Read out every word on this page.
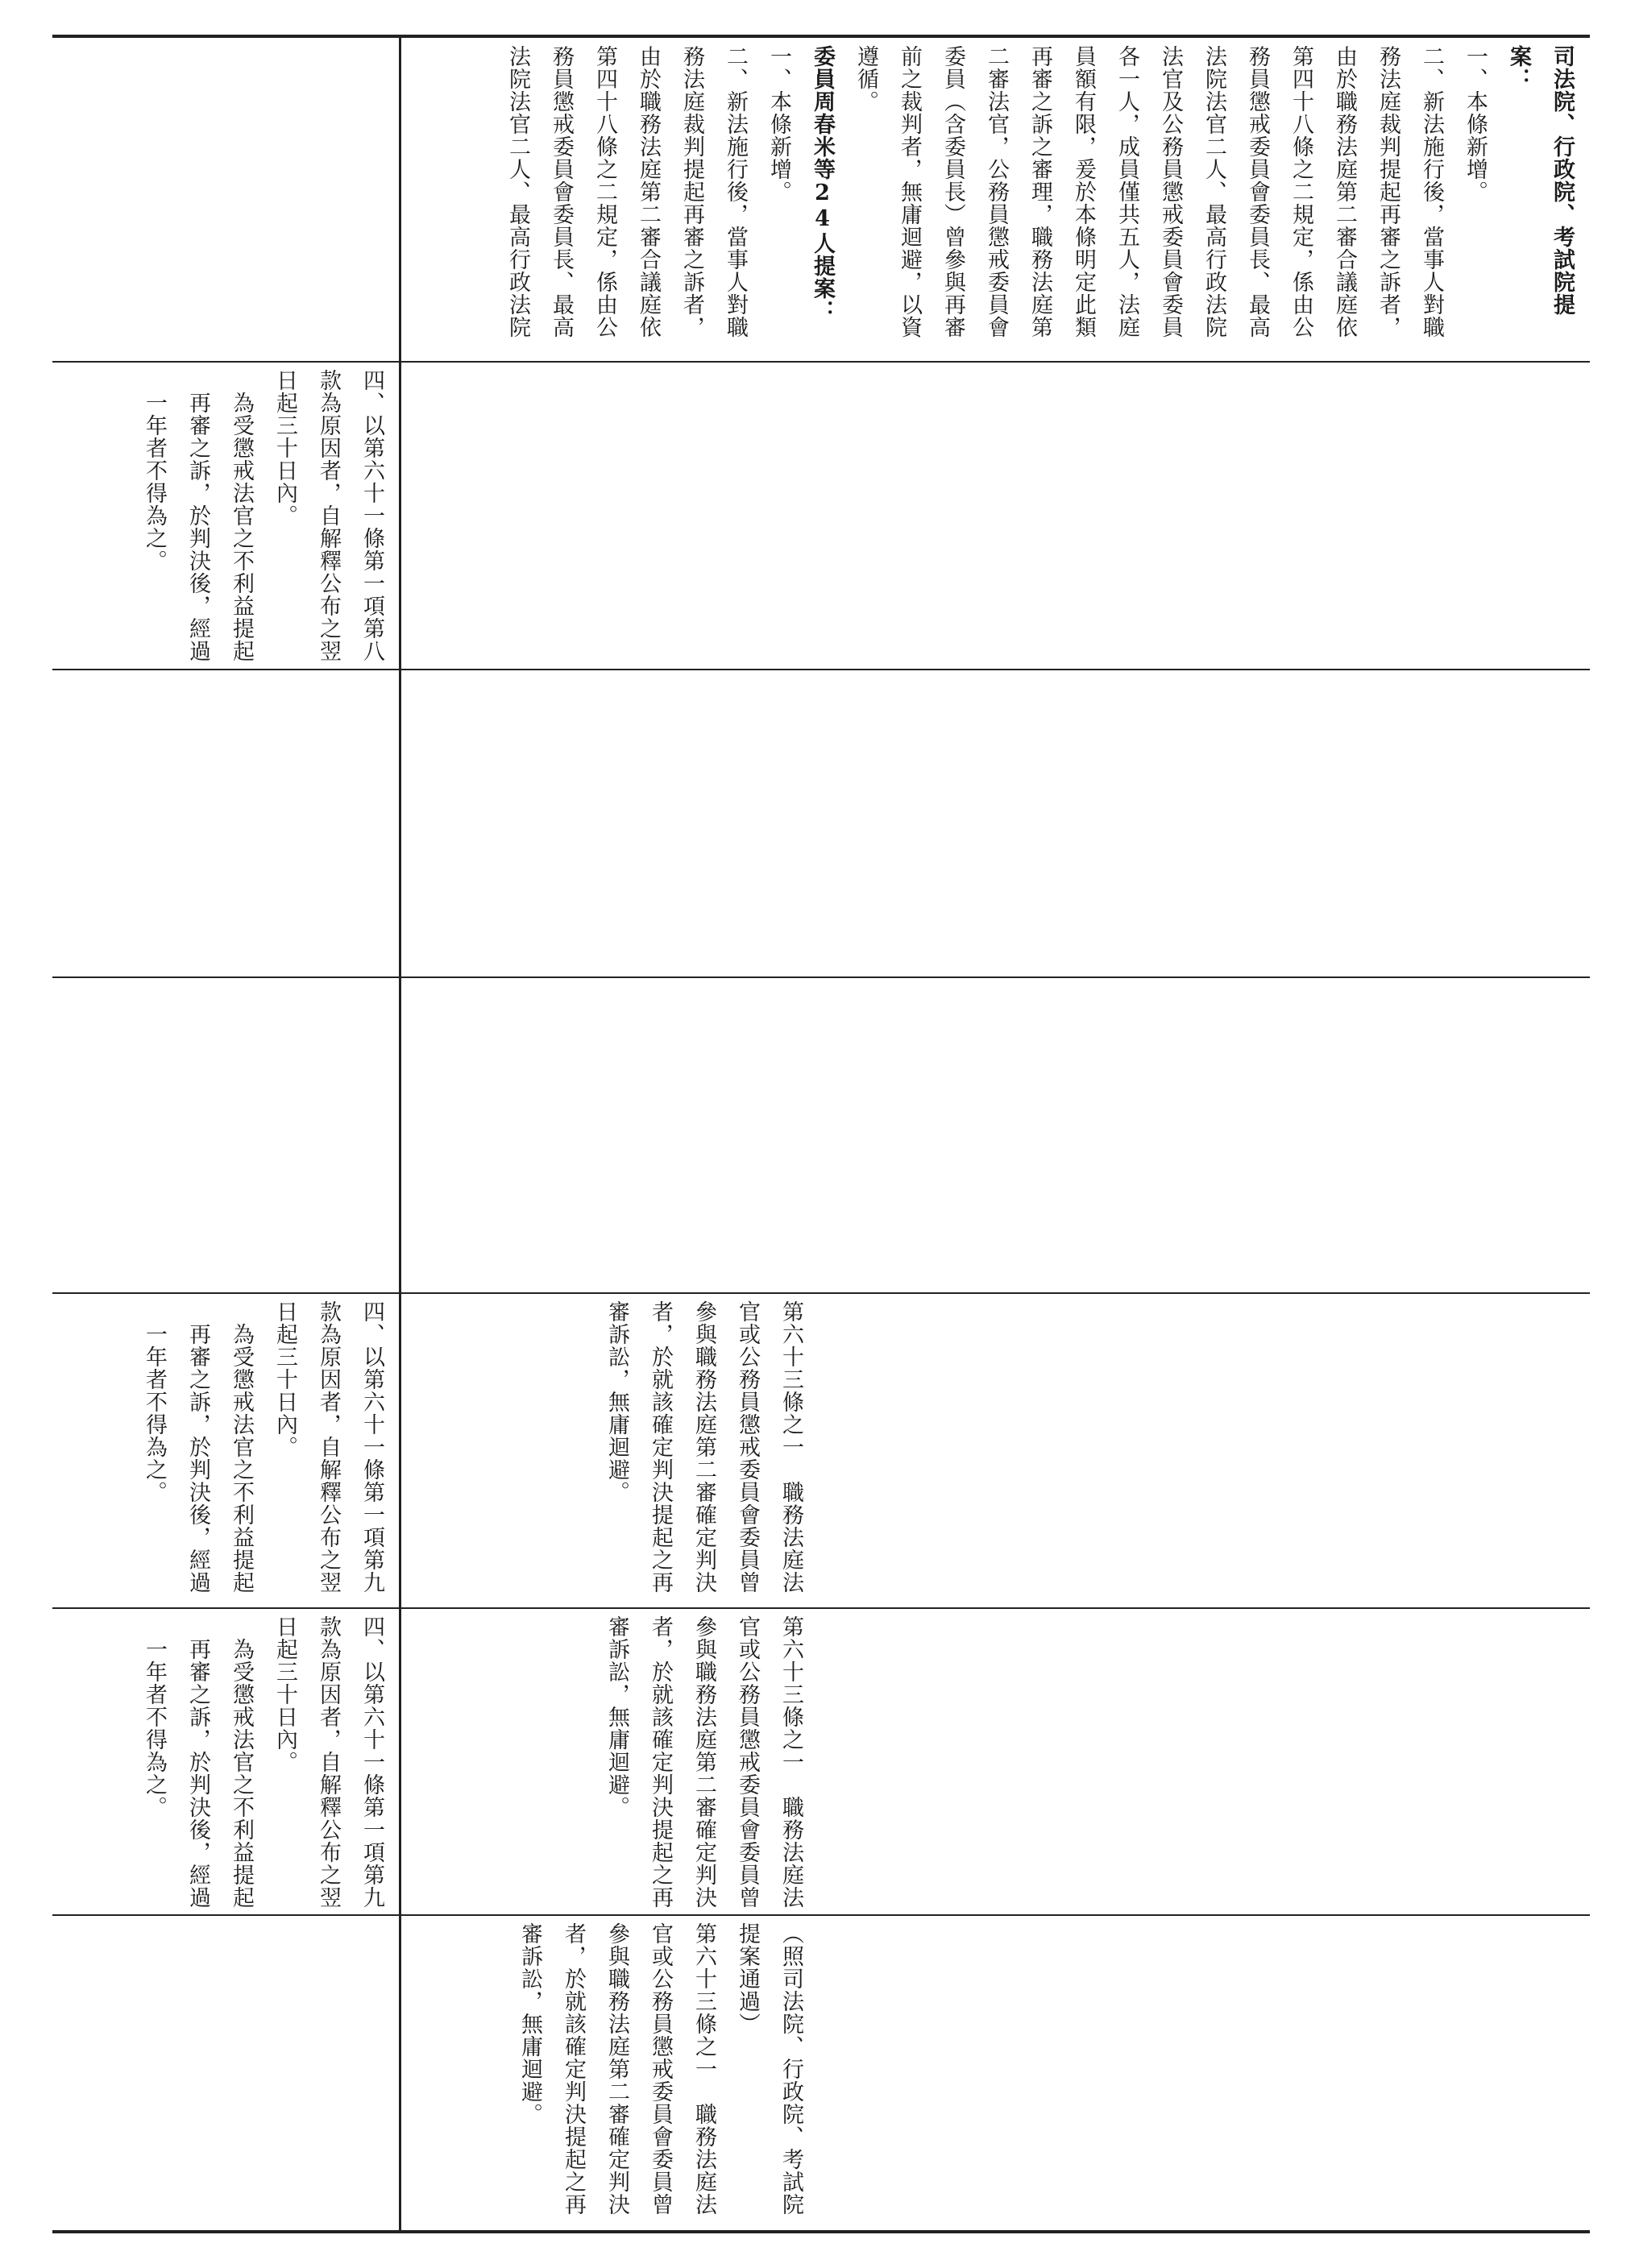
四、以第六十一條第一項第八款為原因者，自解釋公布之翌日起三十日內。

為受懲戒法官之不利益提起再審之訴，於判決後，經過一年者不得為之。

四、以第六十一條第一項第九款為原因者，自解釋公布之翌日起三十日內。

為受懲戒法官之不利益提起再審之訴，於判決後，經過一年者不得為之。

四、以第六十一條第一項第九款為原因者，自解釋公布之翌日起三十日內。

為受懲戒法官之不利益提起再審之訴，於判決後，經過一年者不得為之。

司法院、行政院、考試院提案：

一、本條新增。

二、新法施行後，當事人對職務法庭裁判提起再審之訴者，由於職務法庭第二審合議庭依第四十八條之二規定，係由公務員懲戒委員會委員長、最高法院法官二人、最高行政法院法官及公務員懲戒委員會委員各一人，成員僅共五人，法庭員額有限，爰於本條明定此類再審之訴之審理，職務法庭第二審法官，公務員懲戒委員會委員（含委員長）曾參與再審前之裁判者，無庸迴避，以資遵循。

委員周春米等24人提案：

一、本條新增。

二、新法施行後，當事人對職務法庭裁判提起再審之訴者，由於職務法庭第二審合議庭依第四十八條之二規定，係由公務員懲戒委員會委員長、最高法院法官二人、最高行政法院

第六十三條之一　職務法庭法官或公務員懲戒委員會委員曾參與職務法庭第二審確定判決者，於就該確定判決提起之再審訴訟，無庸迴避。

第六十三條之一　職務法庭法官或公務員懲戒委員會委員曾參與職務法庭第二審確定判決者，於就該確定判決提起之再審訴訟，無庸迴避。

（照司法院、行政院、考試院提案通過）

第六十三條之一　職務法庭法官或公務員懲戒委員會委員曾參與職務法庭第二審確定判決者，於就該確定判決提起之再審訴訟，無庸迴避。
